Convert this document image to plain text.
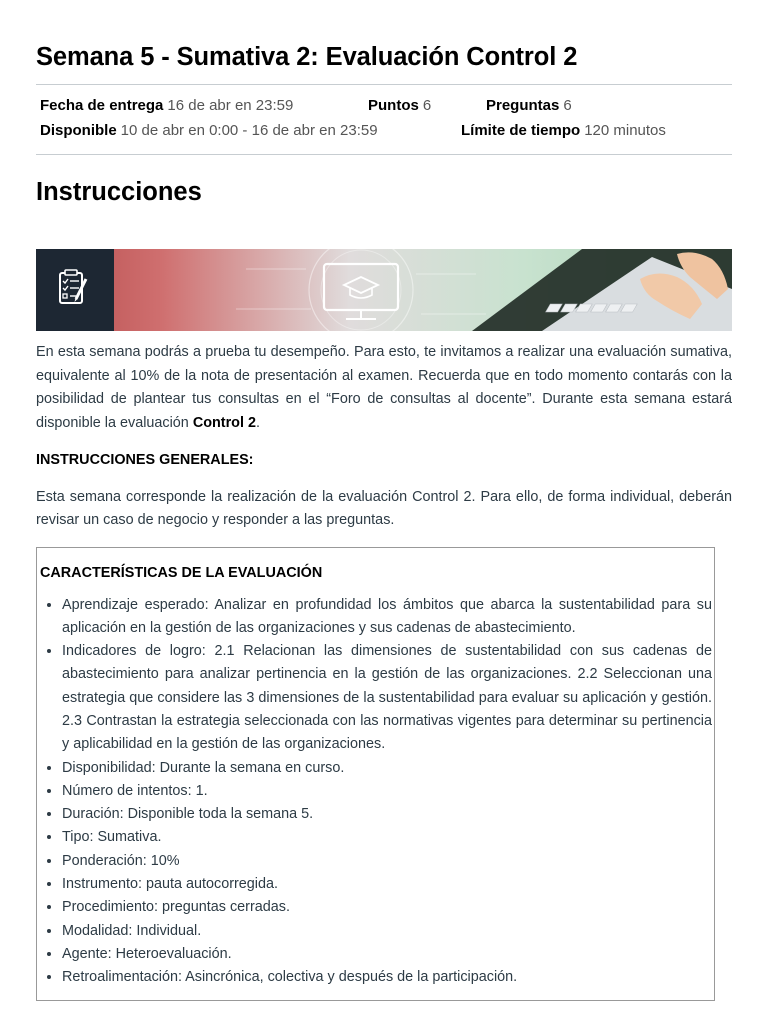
Semana 5 - Sumativa 2: Evaluación Control 2
Fecha de entrega 16 de abr en 23:59	Puntos 6	Preguntas 6
Disponible 10 de abr en 0:00 - 16 de abr en 23:59	Límite de tiempo 120 minutos
Instrucciones

En esta semana podrás a prueba tu desempeño. Para esto, te invitamos a realizar una evaluación sumativa, equivalente al 10% de la nota de presentación al examen. Recuerda que en todo momento contarás con la posibilidad de plantear tus consultas en el “Foro de consultas al docente”. Durante esta semana estará disponible la evaluación Control 2.

INSTRUCCIONES GENERALES:

Esta semana corresponde la realización de la evaluación Control 2. Para ello, de forma individual, deberán revisar un caso de negocio y responder a las preguntas.

CARACTERÍSTICAS DE LA EVALUACIÓN
• Aprendizaje esperado: Analizar en profundidad los ámbitos que abarca la sustentabilidad para su aplicación en la gestión de las organizaciones y sus cadenas de abastecimiento.
• Indicadores de logro: 2.1 Relacionan las dimensiones de sustentabilidad con sus cadenas de abastecimiento para analizar pertinencia en la gestión de las organizaciones. 2.2 Seleccionan una estrategia que considere las 3 dimensiones de la sustentabilidad para evaluar su aplicación y gestión. 2.3 Contrastan la estrategia seleccionada con las normativas vigentes para determinar su pertinencia y aplicabilidad en la gestión de las organizaciones.
• Disponibilidad: Durante la semana en curso.
• Número de intentos: 1.
• Duración: Disponible toda la semana 5.
• Tipo: Sumativa.
• Ponderación: 10%
• Instrumento: pauta autocorregida.
• Procedimiento: preguntas cerradas.
• Modalidad: Individual.
• Agente: Heteroevaluación.
• Retroalimentación: Asincrónica, colectiva y después de la participación.
